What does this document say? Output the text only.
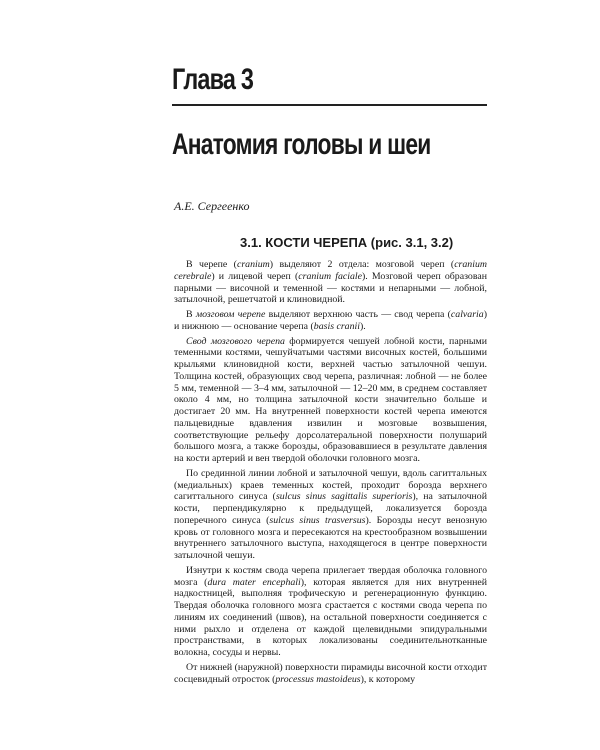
Глава 3
Анатомия головы и шеи

А.Е. Сергеенко

3.1. КОСТИ ЧЕРЕПА (рис. 3.1, 3.2)

В черепе (cranium) выделяют 2 отдела: мозговой череп (cranium cerebrale) и лицевой череп (cranium faciale). Мозговой череп образован парными — височной и теменной — костями и непарными — лобной, затылочной, решетчатой и клиновидной.

В мозговом черепе выделяют верхнюю часть — свод черепа (calvaria) и нижнюю — основание черепа (basis cranii).

Свод мозгового черепа формируется чешуей лобной кости, парными теменными костями, чешуйчатыми частями височных костей, большими крыльями клиновидной кости, верхней частью затылочной чешуи. Толщина костей, образующих свод черепа, различная: лобной — не более 5 мм, теменной — 3–4 мм, затылочной — 12–20 мм, в среднем составляет около 4 мм, но толщина затылочной кости значительно больше и достигает 20 мм. На внутренней поверхности костей черепа имеются пальцевидные вдавления извилин и мозговые возвышения, соответствующие рельефу дорсолатеральной поверхности полушарий большого мозга, а также борозды, образовавшиеся в результате давления на кости артерий и вен твердой оболочки головного мозга.

По срединной линии лобной и затылочной чешуи, вдоль сагиттальных (медиальных) краев теменных костей, проходит борозда верхнего сагиттального синуса (sulcus sinus sagittalis superioris), на затылочной кости, перпендикулярно к предыдущей, локализуется борозда поперечного синуса (sulcus sinus trasversus). Борозды несут венозную кровь от головного мозга и пересекаются на крестообразном возвышении внутреннего затылочного выступа, находящегося в центре поверхности затылочной чешуи.

Изнутри к костям свода черепа прилегает твердая оболочка головного мозга (dura mater encephali), которая является для них внутренней надкостницей, выполняя трофическую и регенерационную функцию. Твердая оболочка головного мозга срастается с костями свода черепа по линиям их соединений (швов), на остальной поверхности соединяется с ними рыхло и отделена от каждой щелевидными эпидуральными пространствами, в которых локализованы соединительнотканные волокна, сосуды и нервы.

От нижней (наружной) поверхности пирамиды височной кости отходит сосцевидный отросток (processus mastoideus), к которому
